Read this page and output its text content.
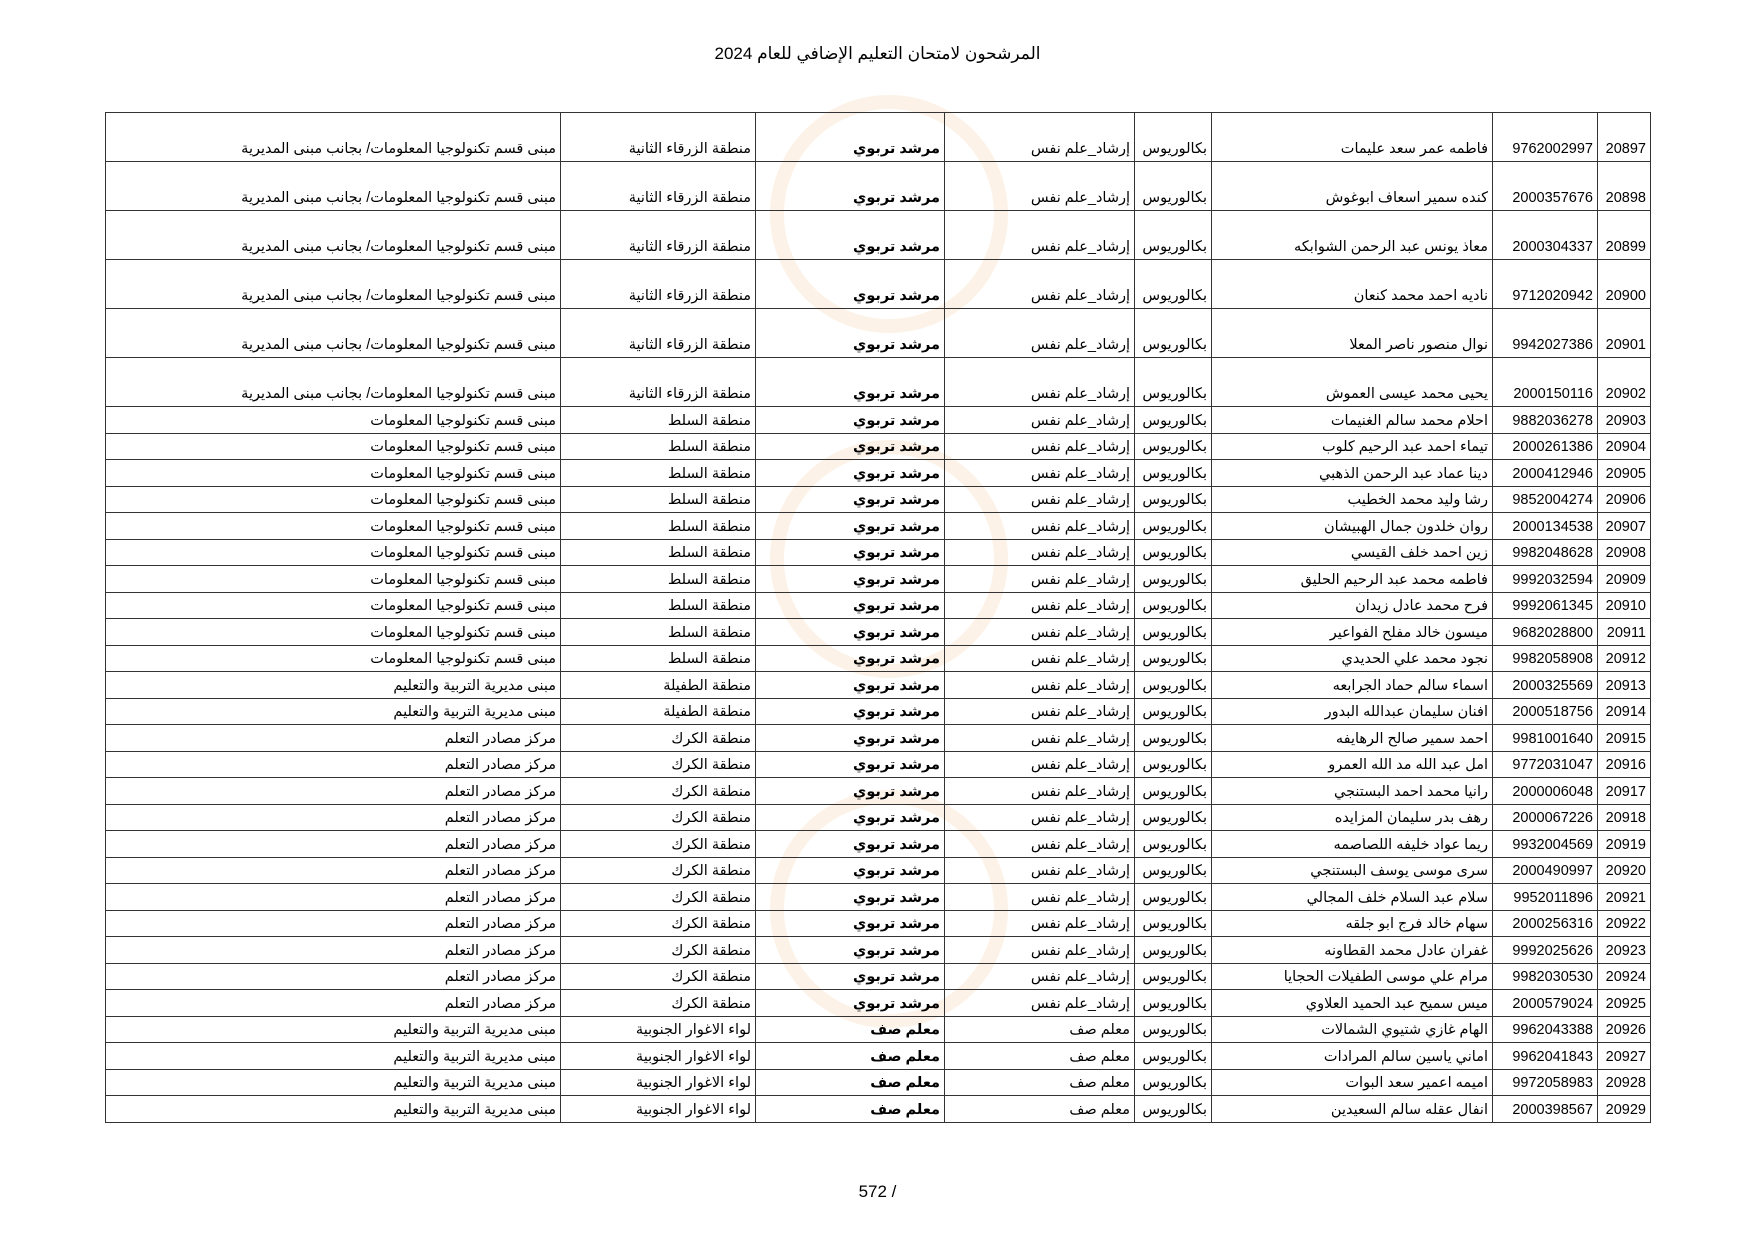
المرشحون لامتحان التعليم الإضافي للعام 2024
20897	9762002997	فاطمه عمر سعد عليمات	بكالوريوس	إرشاد_علم نفس	مرشد تربوي	منطقة الزرقاء الثانية	مبنى قسم تكنولوجيا المعلومات/ بجانب مبنى المديرية
20898	2000357676	كنده سمير اسعاف ابوغوش	بكالوريوس	إرشاد_علم نفس	مرشد تربوي	منطقة الزرقاء الثانية	مبنى قسم تكنولوجيا المعلومات/ بجانب مبنى المديرية
20899	2000304337	معاذ يونس عبد الرحمن الشوابكه	بكالوريوس	إرشاد_علم نفس	مرشد تربوي	منطقة الزرقاء الثانية	مبنى قسم تكنولوجيا المعلومات/ بجانب مبنى المديرية
20900	9712020942	ناديه احمد محمد كنعان	بكالوريوس	إرشاد_علم نفس	مرشد تربوي	منطقة الزرقاء الثانية	مبنى قسم تكنولوجيا المعلومات/ بجانب مبنى المديرية
20901	9942027386	نوال منصور ناصر المعلا	بكالوريوس	إرشاد_علم نفس	مرشد تربوي	منطقة الزرقاء الثانية	مبنى قسم تكنولوجيا المعلومات/ بجانب مبنى المديرية
20902	2000150116	يحيى محمد عيسى العموش	بكالوريوس	إرشاد_علم نفس	مرشد تربوي	منطقة الزرقاء الثانية	مبنى قسم تكنولوجيا المعلومات/ بجانب مبنى المديرية
20903	9882036278	احلام محمد سالم الغنيمات	بكالوريوس	إرشاد_علم نفس	مرشد تربوي	منطقة السلط	مبنى قسم تكنولوجيا المعلومات
20904	2000261386	تيماء احمد عبد الرحيم كلوب	بكالوريوس	إرشاد_علم نفس	مرشد تربوي	منطقة السلط	مبنى قسم تكنولوجيا المعلومات
20905	2000412946	دينا عماد عبد الرحمن الذهبي	بكالوريوس	إرشاد_علم نفس	مرشد تربوي	منطقة السلط	مبنى قسم تكنولوجيا المعلومات
20906	9852004274	رشا وليد محمد الخطيب	بكالوريوس	إرشاد_علم نفس	مرشد تربوي	منطقة السلط	مبنى قسم تكنولوجيا المعلومات
20907	2000134538	روان خلدون جمال الهبيشان	بكالوريوس	إرشاد_علم نفس	مرشد تربوي	منطقة السلط	مبنى قسم تكنولوجيا المعلومات
20908	9982048628	زين احمد خلف القيسي	بكالوريوس	إرشاد_علم نفس	مرشد تربوي	منطقة السلط	مبنى قسم تكنولوجيا المعلومات
20909	9992032594	فاطمه محمد عبد الرحيم الحليق	بكالوريوس	إرشاد_علم نفس	مرشد تربوي	منطقة السلط	مبنى قسم تكنولوجيا المعلومات
20910	9992061345	فرح محمد عادل زيدان	بكالوريوس	إرشاد_علم نفس	مرشد تربوي	منطقة السلط	مبنى قسم تكنولوجيا المعلومات
20911	9682028800	ميسون خالد مفلح الفواعير	بكالوريوس	إرشاد_علم نفس	مرشد تربوي	منطقة السلط	مبنى قسم تكنولوجيا المعلومات
20912	9982058908	نجود محمد علي الحديدي	بكالوريوس	إرشاد_علم نفس	مرشد تربوي	منطقة السلط	مبنى قسم تكنولوجيا المعلومات
20913	2000325569	اسماء سالم حماد الجرابعه	بكالوريوس	إرشاد_علم نفس	مرشد تربوي	منطقة الطفيلة	مبنى مديرية التربية والتعليم
20914	2000518756	افنان سليمان عبدالله البدور	بكالوريوس	إرشاد_علم نفس	مرشد تربوي	منطقة الطفيلة	مبنى مديرية التربية والتعليم
20915	9981001640	احمد سمير صالح الرهايفه	بكالوريوس	إرشاد_علم نفس	مرشد تربوي	منطقة الكرك	مركز مصادر التعلم
20916	9772031047	امل عبد الله مد الله العمرو	بكالوريوس	إرشاد_علم نفس	مرشد تربوي	منطقة الكرك	مركز مصادر التعلم
20917	2000006048	رانيا محمد احمد البستنجي	بكالوريوس	إرشاد_علم نفس	مرشد تربوي	منطقة الكرك	مركز مصادر التعلم
20918	2000067226	رهف بدر سليمان المزايده	بكالوريوس	إرشاد_علم نفس	مرشد تربوي	منطقة الكرك	مركز مصادر التعلم
20919	9932004569	ريما عواد خليفه اللصاصمه	بكالوريوس	إرشاد_علم نفس	مرشد تربوي	منطقة الكرك	مركز مصادر التعلم
20920	2000490997	سرى موسى يوسف البستنجي	بكالوريوس	إرشاد_علم نفس	مرشد تربوي	منطقة الكرك	مركز مصادر التعلم
20921	9952011896	سلام عبد السلام خلف المجالي	بكالوريوس	إرشاد_علم نفس	مرشد تربوي	منطقة الكرك	مركز مصادر التعلم
20922	2000256316	سهام خالد فرج ابو جلقه	بكالوريوس	إرشاد_علم نفس	مرشد تربوي	منطقة الكرك	مركز مصادر التعلم
20923	9992025626	غفران عادل محمد القطاونه	بكالوريوس	إرشاد_علم نفس	مرشد تربوي	منطقة الكرك	مركز مصادر التعلم
20924	9982030530	مرام علي موسى الطفيلات الحجايا	بكالوريوس	إرشاد_علم نفس	مرشد تربوي	منطقة الكرك	مركز مصادر التعلم
20925	2000579024	ميس سميح عبد الحميد العلاوي	بكالوريوس	إرشاد_علم نفس	مرشد تربوي	منطقة الكرك	مركز مصادر التعلم
20926	9962043388	الهام غازي شتيوي الشمالات	بكالوريوس	معلم صف	معلم صف	لواء الاغوار الجنوبية	مبنى مديرية التربية والتعليم
20927	9962041843	اماني ياسين سالم المرادات	بكالوريوس	معلم صف	معلم صف	لواء الاغوار الجنوبية	مبنى مديرية التربية والتعليم
20928	9972058983	اميمه اعمير سعد البوات	بكالوريوس	معلم صف	معلم صف	لواء الاغوار الجنوبية	مبنى مديرية التربية والتعليم
20929	2000398567	انفال عقله سالم السعيدين	بكالوريوس	معلم صف	معلم صف	لواء الاغوار الجنوبية	مبنى مديرية التربية والتعليم
572 /
